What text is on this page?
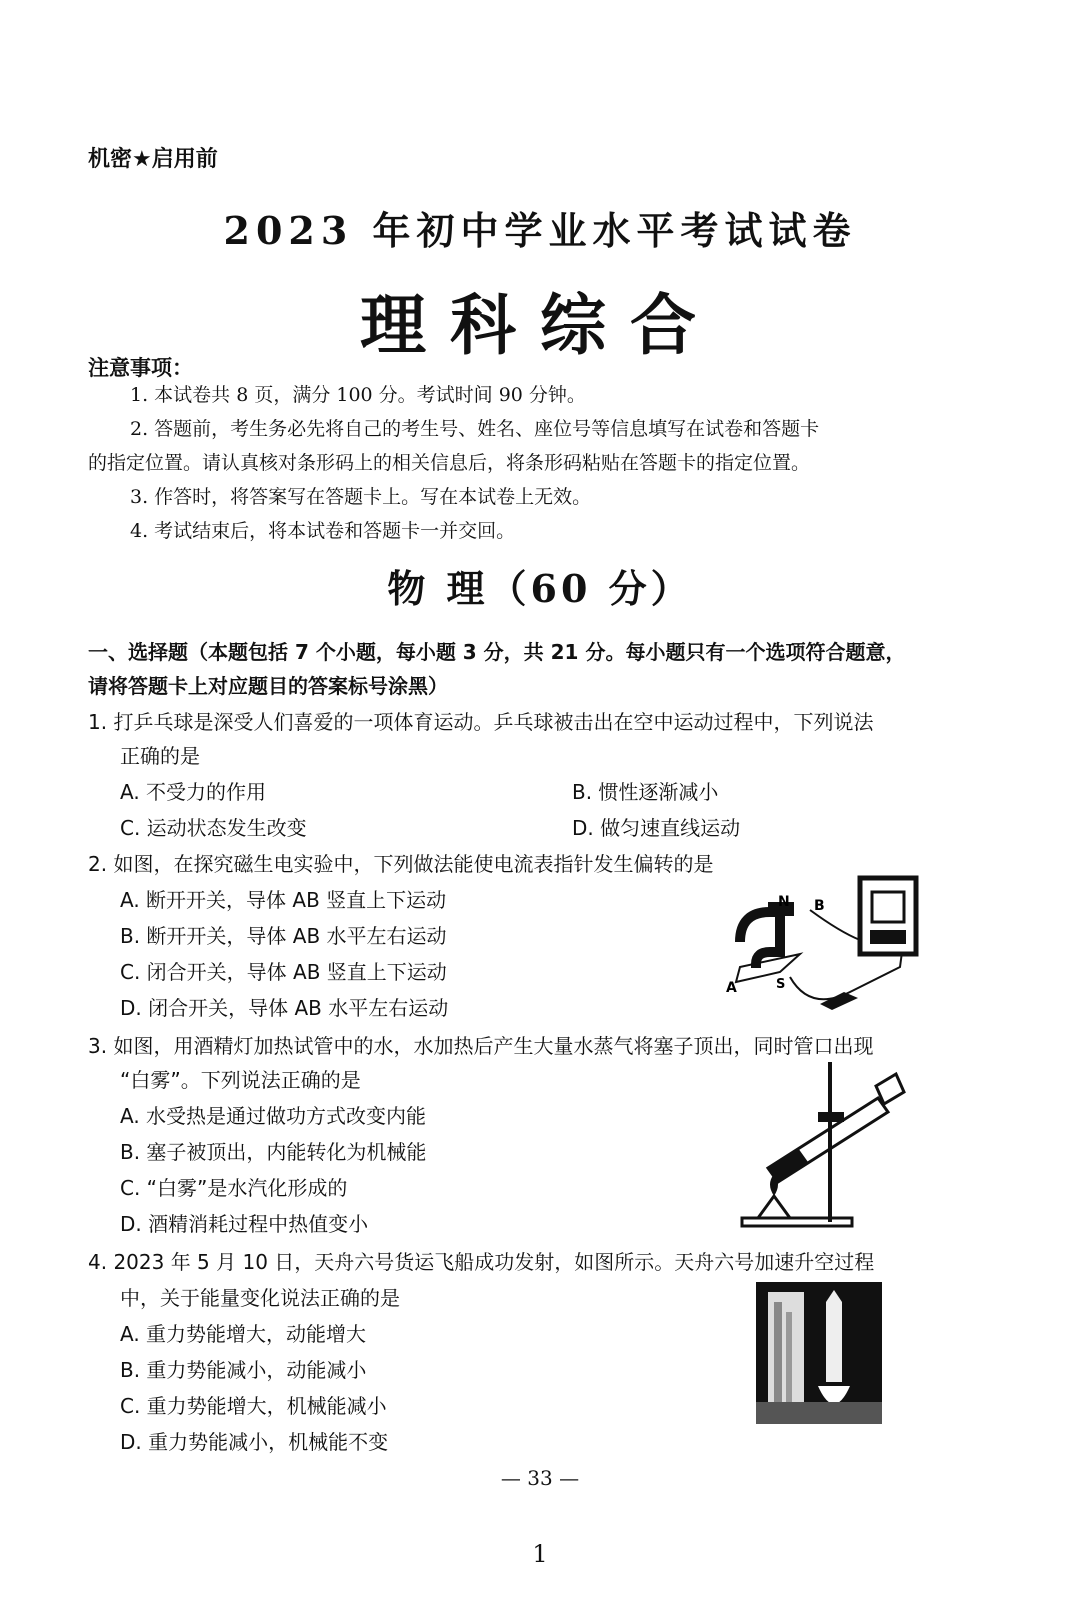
机密★启用前
2023 年初中学业水平考试试卷
理科综合
注意事项：
1. 本试卷共 8 页，满分 100 分。考试时间 90 分钟。
2. 答题前，考生务必先将自己的考生号、姓名、座位号等信息填写在试卷和答题卡
的指定位置。请认真核对条形码上的相关信息后，将条形码粘贴在答题卡的指定位置。
3. 作答时，将答案写在答题卡上。写在本试卷上无效。
4. 考试结束后，将本试卷和答题卡一并交回。
物 理（60 分）
一、选择题（本题包括 7 个小题，每小题 3 分，共 21 分。每小题只有一个选项符合题意，
请将答题卡上对应题目的答案标号涂黑）
1. 打乒乓球是深受人们喜爱的一项体育运动。乒乓球被击出在空中运动过程中，下列说法
正确的是
A. 不受力的作用	B. 惯性逐渐减小
C. 运动状态发生改变	D. 做匀速直线运动
2. 如图，在探究磁生电实验中，下列做法能使电流表指针发生偏转的是
A. 断开开关，导体 AB 竖直上下运动
B. 断开开关，导体 AB 水平左右运动
C. 闭合开关，导体 AB 竖直上下运动
D. 闭合开关，导体 AB 水平左右运动
N B
S
A
3. 如图，用酒精灯加热试管中的水，水加热后产生大量水蒸气将塞子顶出，同时管口出现
“白雾”。下列说法正确的是
A. 水受热是通过做功方式改变内能
B. 塞子被顶出，内能转化为机械能
C. “白雾”是水汽化形成的
D. 酒精消耗过程中热值变小
4. 2023 年 5 月 10 日，天舟六号货运飞船成功发射，如图所示。天舟六号加速升空过程
中，关于能量变化说法正确的是
A. 重力势能增大，动能增大
B. 重力势能减小，动能减小
C. 重力势能增大，机械能减小
D. 重力势能减小，机械能不变
— 33 —
1
